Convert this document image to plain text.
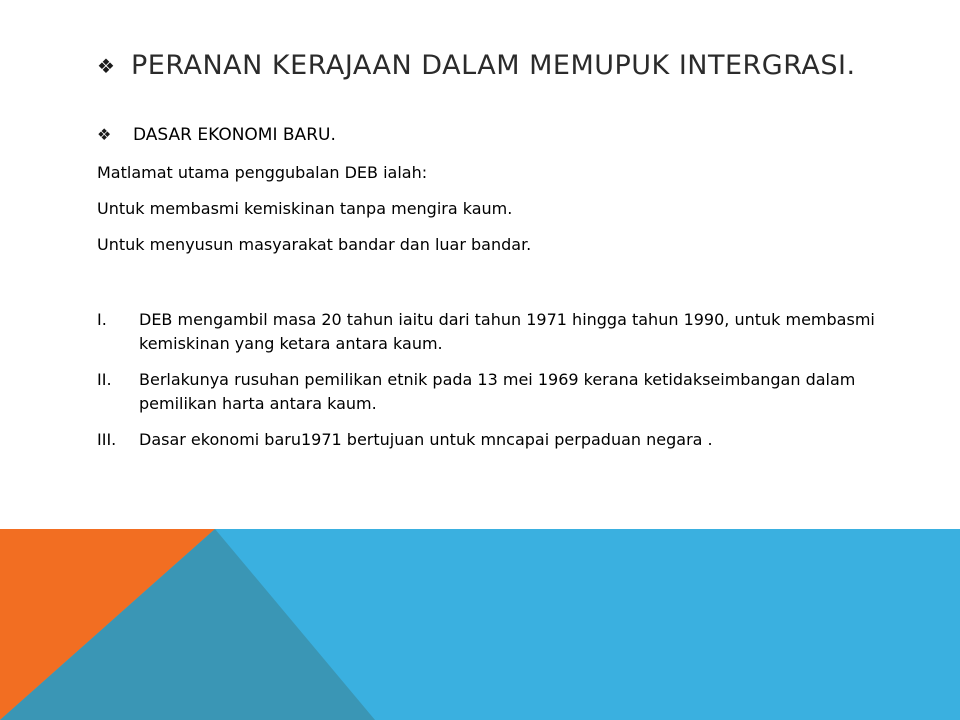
❖ PERANAN KERAJAAN DALAM MEMUPUK INTERGRASI.
❖	DASAR EKONOMI BARU.
Matlamat utama penggubalan DEB ialah:
Untuk membasmi kemiskinan tanpa mengira kaum.
Untuk menyusun masyarakat bandar dan luar bandar.
I.	DEB mengambil masa 20 tahun iaitu dari tahun 1971 hingga tahun 1990, untuk membasmi kemiskinan yang ketara antara kaum.
II.	Berlakunya rusuhan pemilikan etnik pada 13 mei 1969 kerana ketidakseimbangan dalam pemilikan harta antara kaum.
III.	Dasar ekonomi baru1971 bertujuan untuk mncapai perpaduan negara .
